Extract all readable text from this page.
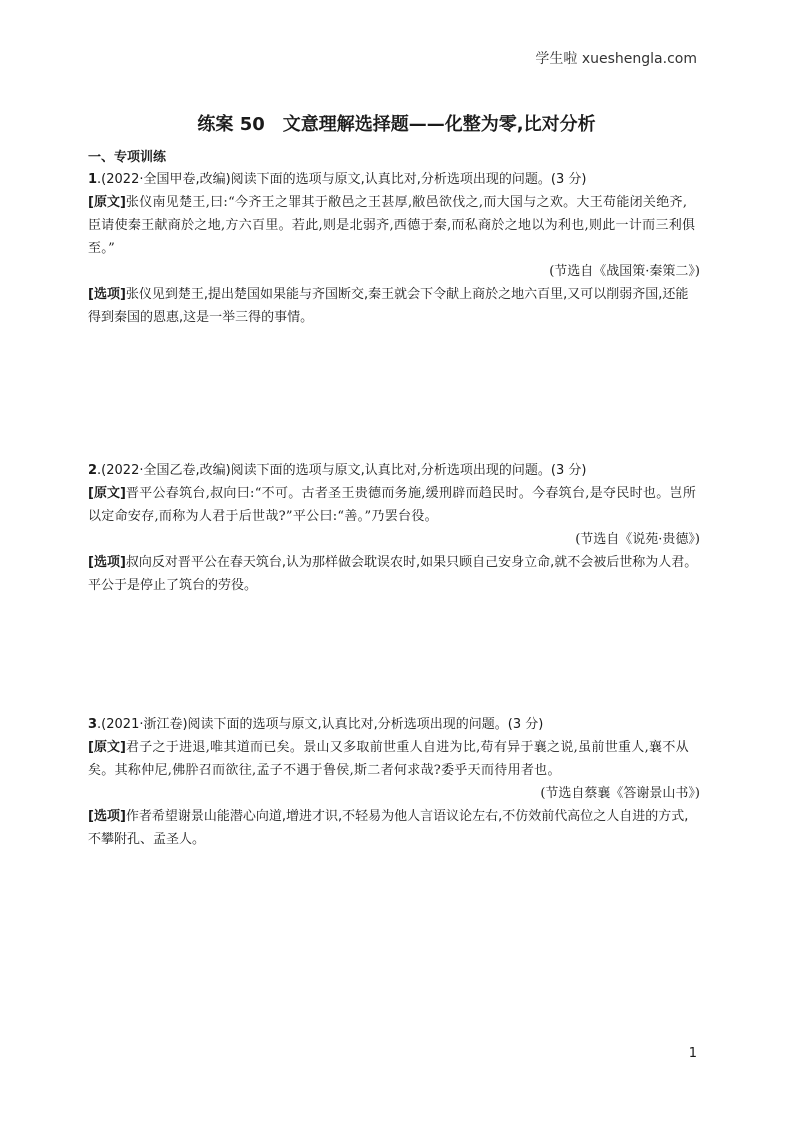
学生啦 xueshengla.com
练案 50　文意理解选择题——化整为零,比对分析
一、专项训练

1.(2022·全国甲卷,改编)阅读下面的选项与原文,认真比对,分析选项出现的问题。(3 分)

[原文]张仪南见楚王,曰:“今齐王之罪其于敝邑之王甚厚,敝邑欲伐之,而大国与之欢。大王苟能闭关绝齐,臣请使秦王献商於之地,方六百里。若此,则是北弱齐,西德于秦,而私商於之地以为利也,则此一计而三利俱至。”

(节选自《战国策·秦策二》)

[选项]张仪见到楚王,提出楚国如果能与齐国断交,秦王就会下令献上商於之地六百里,又可以削弱齐国,还能得到秦国的恩惠,这是一举三得的事情。

2.(2022·全国乙卷,改编)阅读下面的选项与原文,认真比对,分析选项出现的问题。(3 分)

[原文]晋平公春筑台,叔向曰:“不可。古者圣王贵德而务施,缓刑辟而趋民时。今春筑台,是夺民时也。岂所以定命安存,而称为人君于后世哉?”平公曰:“善。”乃罢台役。

(节选自《说苑·贵德》)

[选项]叔向反对晋平公在春天筑台,认为那样做会耽误农时,如果只顾自己安身立命,就不会被后世称为人君。平公于是停止了筑台的劳役。

3.(2021·浙江卷)阅读下面的选项与原文,认真比对,分析选项出现的问题。(3 分)

[原文]君子之于进退,唯其道而已矣。景山又多取前世重人自进为比,苟有异于襄之说,虽前世重人,襄不从矣。其称仲尼,佛肸召而欲往,孟子不遇于鲁侯,斯二者何求哉?委乎天而待用者也。

(节选自蔡襄《答谢景山书》)

[选项]作者希望谢景山能潜心向道,增进才识,不轻易为他人言语议论左右,不仿效前代高位之人自进的方式,不攀附孔、孟圣人。

1
